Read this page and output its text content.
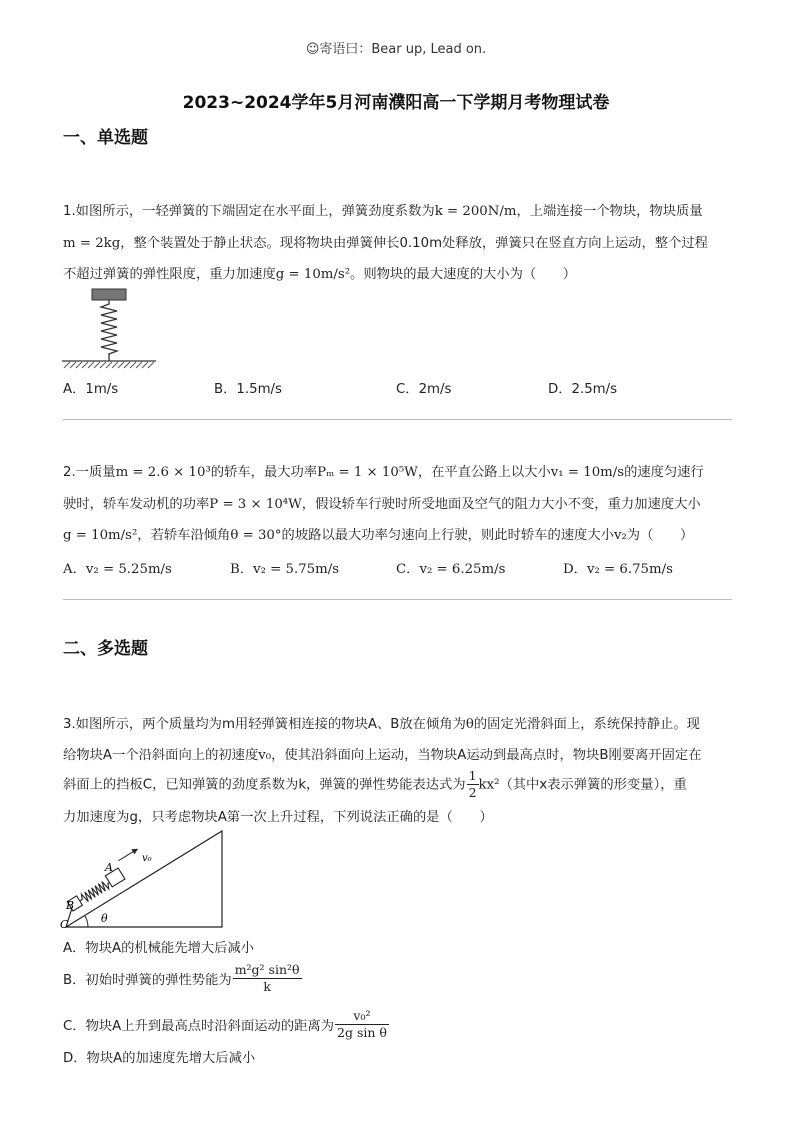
☺寄语曰：Bear up, Lead on.
2023~2024学年5月河南濮阳高一下学期月考物理试卷
一、单选题
1.如图所示，一轻弹簧的下端固定在水平面上，弹簧劲度系数为k = 200N/m，上端连接一个物块，物块质量
m = 2kg，整个装置处于静止状态。现将物块由弹簧伸长0.10m处释放，弹簧只在竖直方向上运动，整个过程
不超过弹簧的弹性限度，重力加速度g = 10m/s²。则物块的最大速度的大小为（　　）
A．1m/s	B．1.5m/s	C．2m/s	D．2.5m/s
2.一质量m = 2.6 × 10³的轿车，最大功率Pₘ = 1 × 10⁵W，在平直公路上以大小v₁ = 10m/s的速度匀速行
驶时，轿车发动机的功率P = 3 × 10⁴W，假设轿车行驶时所受地面及空气的阻力大小不变，重力加速度大小
g = 10m/s²，若轿车沿倾角θ = 30°的坡路以最大功率匀速向上行驶，则此时轿车的速度大小v₂为（　　）
A．v₂ = 5.25m/s	B．v₂ = 5.75m/s	C．v₂ = 6.25m/s	D．v₂ = 6.75m/s
二、多选题
3.如图所示，两个质量均为m用轻弹簧相连接的物块A、B放在倾角为θ的固定光滑斜面上，系统保持静止。现
给物块A一个沿斜面向上的初速度v₀，使其沿斜面向上运动，当物块A运动到最高点时，物块B刚要离开固定在
斜面上的挡板C，已知弹簧的劲度系数为k，弹簧的弹性势能表达式为 $\frac{1}{2} kx^2$（其中x表示弹簧的形变量），重
力加速度为g，只考虑物块A第一次上升过程，下列说法正确的是（　　）
A
B
C	θ
v₀
A．物块A的机械能先增大后减小
B．初始时弹簧的弹性势能为 $\frac{\text{m²g² sin²θ}}{k}$
C．物块A上升到最高点时沿斜面运动的距离为 $\frac{\text{v₀²}}{\text{2g sin θ}}$
D．物块A的加速度先增大后减小
